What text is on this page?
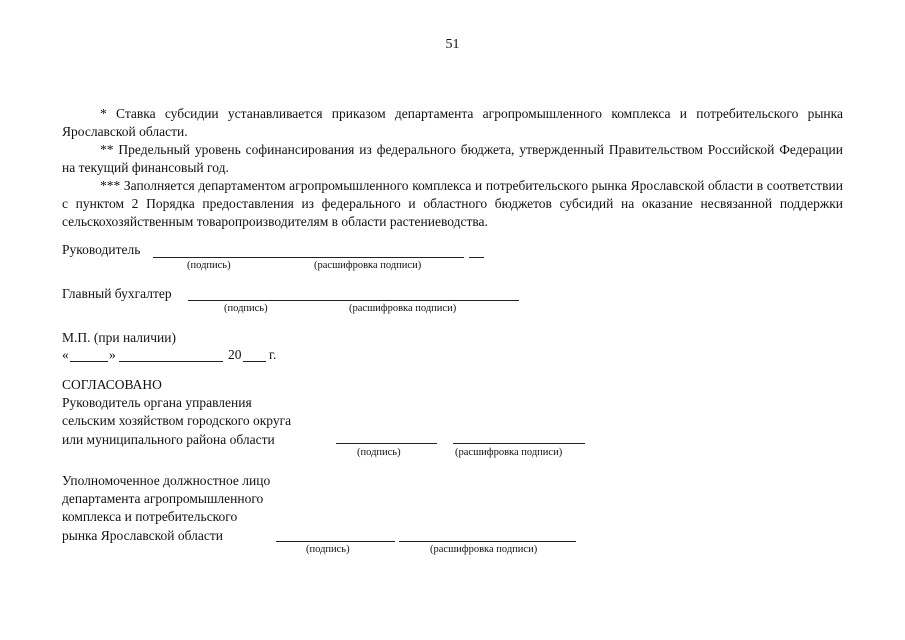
51
* Ставка субсидии устанавливается приказом департамента агропромышленного комплекса и потребительского рынка Ярославской области.
** Предельный уровень софинансирования из федерального бюджета, утвержденный Правительством Российской Федерации на текущий финансовый год.
*** Заполняется департаментом агропромышленного комплекса и потребительского рынка Ярославской области в соответствии с пунктом 2 Порядка предоставления из федерального и областного бюджетов субсидий на оказание несвязанной поддержки сельскохозяйственным товаропроизводителям в области растениеводства.
Руководитель
(подпись)	(расшифровка подписи)
Главный бухгалтер
(подпись)	(расшифровка подписи)
М.П. (при наличии)
«	»	20 г.
СОГЛАСОВАНО
Руководитель органа управления
сельским хозяйством городского округа
или муниципального района области
(подпись)	(расшифровка подписи)
Уполномоченное должностное лицо
департамента агропромышленного
комплекса и потребительского
рынка Ярославской области
(подпись)	(расшифровка подписи)
